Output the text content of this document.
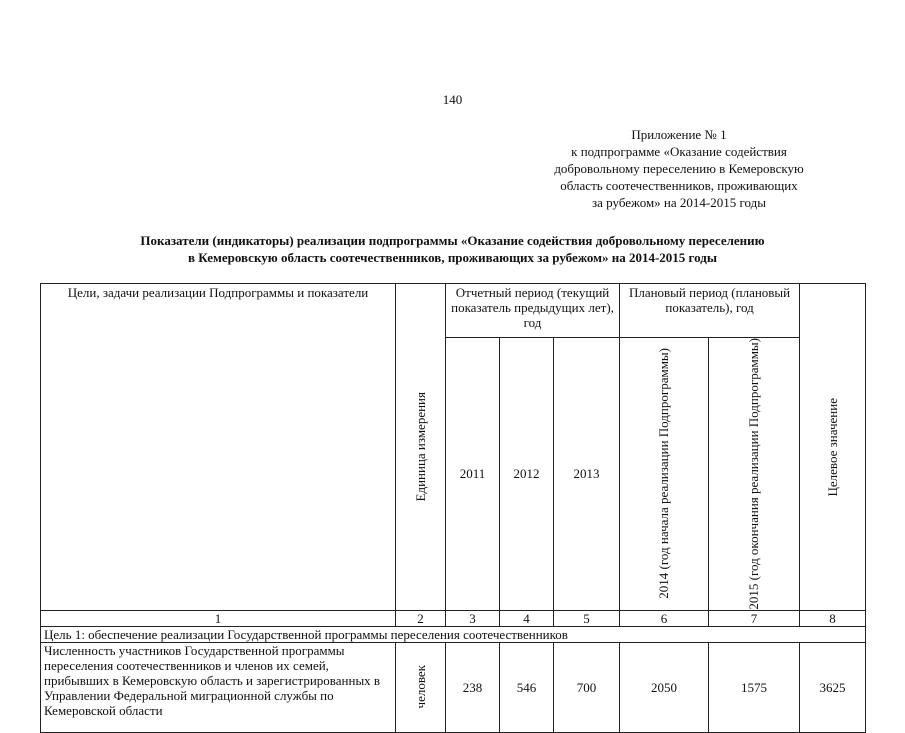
140
Приложение № 1
к подпрограмме «Оказание содействия
добровольному переселению в Кемеровскую
область соотечественников, проживающих
за рубежом» на 2014-2015 годы
Показатели (индикаторы) реализации подпрограммы «Оказание содействия добровольному переселению
в Кемеровскую область соотечественников, проживающих за рубежом» на 2014-2015 годы
Цели, задачи реализации Подпрограммы и показатели	Единица измерения	Отчетный период (текущий показатель предыдущих лет), год			Плановый период (плановый показатель), год		Целевое значение

		2011	2012	2013	2014 (год начала реализации Подпрограммы)	2015 (год окончания реализации Подпрограммы)	

1	2	3	4	5	6	7	8
Цель 1: обеспечение реализации Государственной программы переселения соотечественников							
Численность участников Государственной программы переселения соотечественников и членов их семей, прибывших в Кемеровскую область и зарегистрированных в Управлении Федеральной миграционной службы по Кемеровской области	человек	238	546	700	2050	1575	3625
